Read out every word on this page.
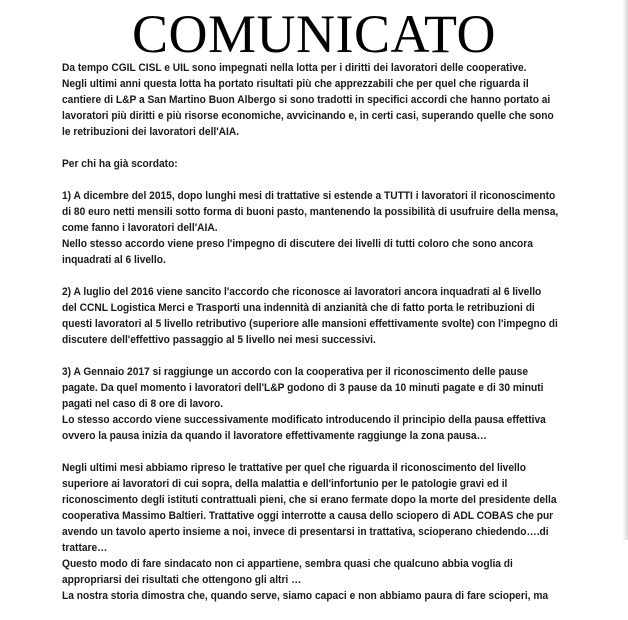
COMUNICATO

Da tempo CGIL CISL e UIL sono impegnati nella lotta per i diritti dei lavoratori delle cooperative.
Negli ultimi anni questa lotta ha portato risultati più che apprezzabili che per quel che riguarda il
cantiere di L&P a San Martino Buon Albergo si sono tradotti in specifici accordi che hanno portato ai
lavoratori più diritti e più risorse economiche, avvicinando e, in certi casi, superando quelle che sono
le retribuzioni dei lavoratori dell'AIA.

Per chi ha già scordato:

1) A dicembre del 2015, dopo lunghi mesi di trattative si estende a TUTTI i lavoratori il riconoscimento
di 80 euro netti mensili sotto forma di buoni pasto, mantenendo la possibilità di usufruire della mensa,
come fanno i lavoratori dell'AIA.
Nello stesso accordo viene preso l'impegno di discutere dei livelli di tutti coloro che sono ancora
inquadrati al 6 livello.

2) A luglio del 2016 viene sancito l'accordo che riconosce ai lavoratori ancora inquadrati al 6 livello
del CCNL Logistica Merci e Trasporti una indennità di anzianità che di fatto porta le retribuzioni di
questi lavoratori al 5 livello retributivo (superiore alle mansioni effettivamente svolte) con l'impegno di
discutere dell'effettivo passaggio al 5 livello nei mesi successivi.

3) A Gennaio 2017 si raggiunge un accordo con la cooperativa per il riconoscimento delle pause
pagate. Da quel momento i lavoratori dell'L&P godono di 3 pause da 10 minuti pagate e di 30 minuti
pagati nel caso di 8 ore di lavoro.
Lo stesso accordo viene successivamente modificato introducendo il principio della pausa effettiva
ovvero la pausa inizia da quando il lavoratore effettivamente raggiunge la zona pausa…

Negli ultimi mesi abbiamo ripreso le trattative per quel che riguarda il riconoscimento del livello
superiore ai lavoratori di cui sopra, della malattia e dell'infortunio per le patologie gravi ed il
riconoscimento degli istituti contrattuali pieni, che si erano fermate dopo la morte del presidente della
cooperativa Massimo Baltieri. Trattative oggi interrotte a causa dello sciopero di ADL COBAS che pur
avendo un tavolo aperto insieme a noi, invece di presentarsi in trattativa, scioperano chiedendo….di
trattare…
Questo modo di fare sindacato non ci appartiene, sembra quasi che qualcuno abbia voglia di
appropriarsi dei risultati che ottengono gli altri …
La nostra storia dimostra che, quando serve, siamo capaci e non abbiamo paura di fare scioperi, ma
